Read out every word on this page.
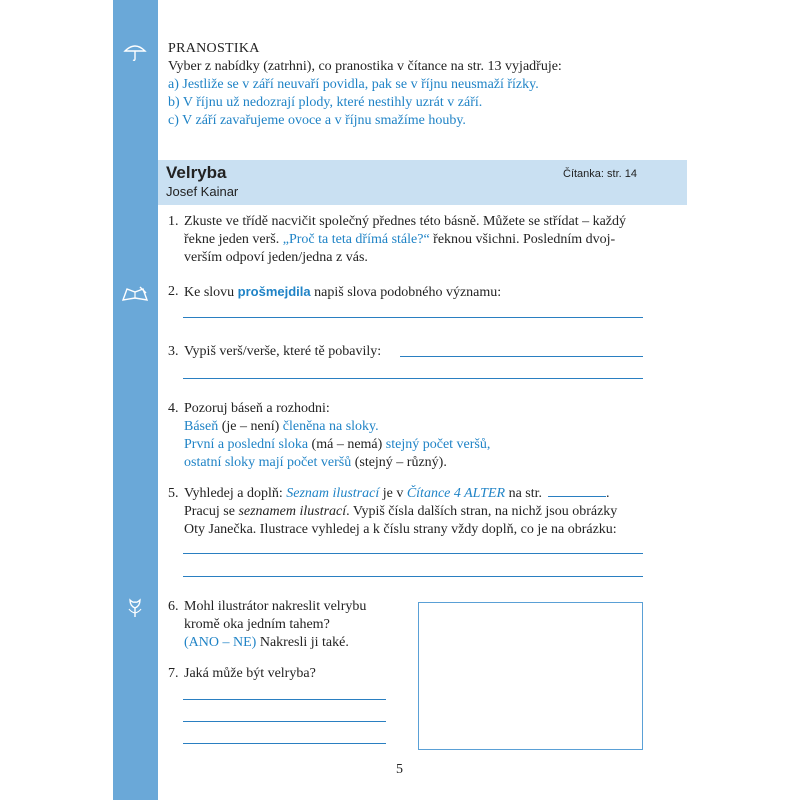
PRANOSTIKA
Vyber z nabídky (zatrhni), co pranostika v čítance na str. 13 vyjadřuje:
a) Jestliže se v září neuvaří povidla, pak se v říjnu neusmaží řízky.
b) V říjnu už nedozrají plody, které nestihly uzrát v září.
c) V září zavařujeme ovoce a v říjnu smažíme houby.
Velryba
Josef Kainar
Čítanka: str. 14
1. Zkuste ve třídě nacvičit společný přednes této básně. Můžete se střídat – každý
řekne jeden verš. „Proč ta teta dřímá stále?“ řeknou všichni. Posledním dvoj-
verším odpoví jeden/jedna z vás.
2. Ke slovu prošmejdila napiš slova podobného významu:
3. Vypiš verš/verše, které tě pobavily:
4. Pozoruj báseň a rozhodni:
Báseň (je – není) členěna na sloky.
První a poslední sloka (má – nemá) stejný počet veršů,
ostatní sloky mají počet veršů (stejný – různý).
5. Vyhledej a doplň: Seznam ilustrací je v Čítance 4 ALTER na str.	.
Pracuj se seznamem ilustrací. Vypiš čísla dalších stran, na nichž jsou obrázky
Oty Janečka. Ilustrace vyhledej a k číslu strany vždy doplň, co je na obrázku:
6. Mohl ilustrátor nakreslit velrybu
kromě oka jedním tahem?
(ANO – NE) Nakresli ji také.
7. Jaká může být velryba?
5
